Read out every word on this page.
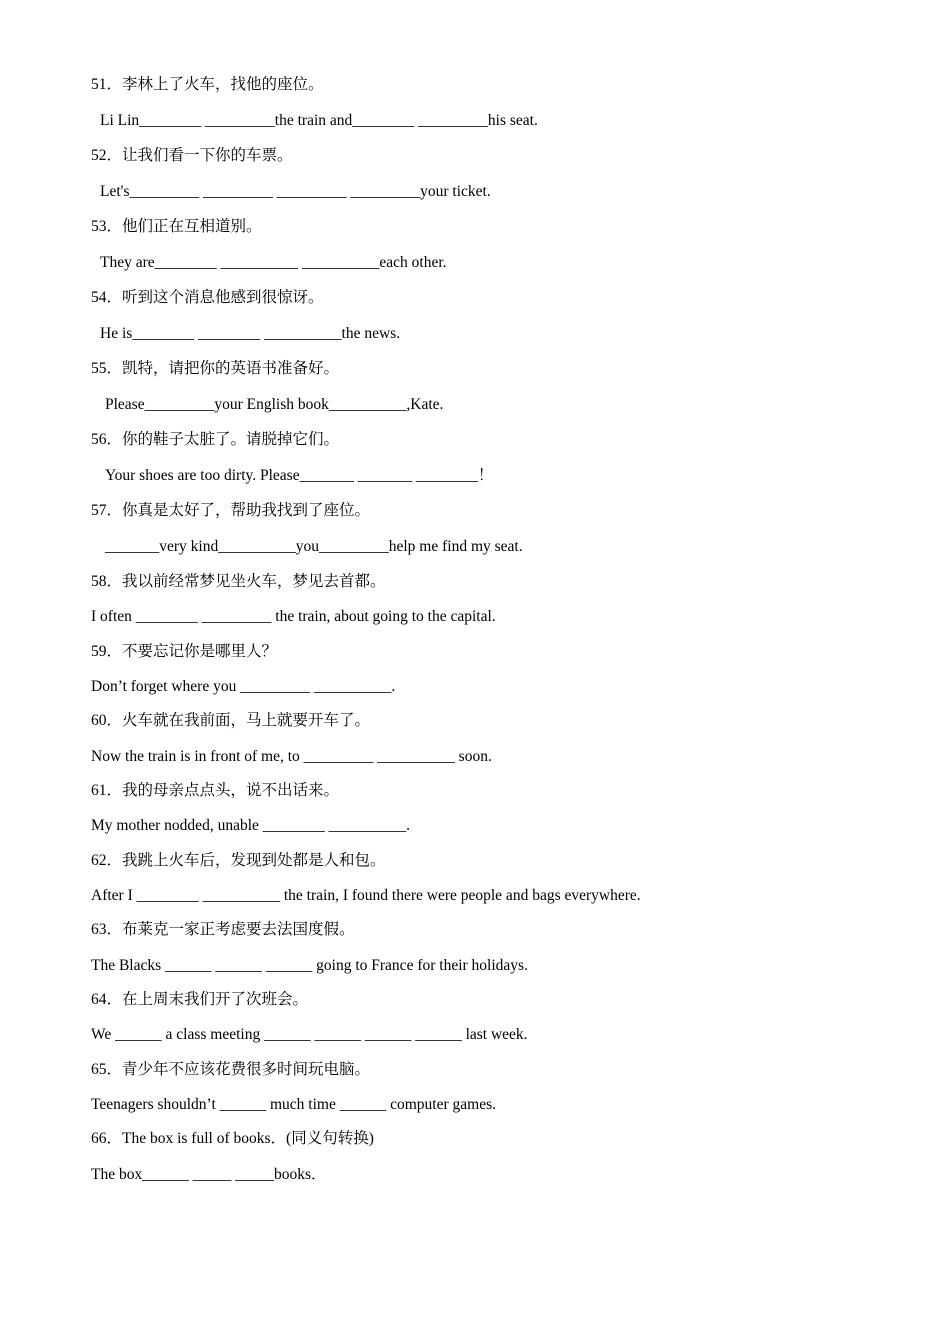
51．李林上了火车，找他的座位。
Li Lin________ _________the train and________ _________his seat.
52．让我们看一下你的车票。
Let's_________ _________ _________ _________your ticket.
53．他们正在互相道别。
They are________ __________ __________each other.
54．听到这个消息他感到很惊讶。
He is________ ________ __________the news.
55．凯特，请把你的英语书准备好。
Please_________your English book__________,Kate.
56．你的鞋子太脏了。请脱掉它们。
Your shoes are too dirty. Please_______ _______ ________！
57．你真是太好了，帮助我找到了座位。
_______very kind__________you_________help me find my seat.
58．我以前经常梦见坐火车，梦见去首都。
I often ________ _________ the train, about going to the capital.
59．不要忘记你是哪里人？
Don’t forget where you _________ __________.
60．火车就在我前面，马上就要开车了。
Now the train is in front of me, to _________ __________ soon.
61．我的母亲点点头，说不出话来。
My mother nodded, unable ________ __________.
62．我跳上火车后，发现到处都是人和包。
After I ________ __________ the train, I found there were people and bags everywhere.
63．布莱克一家正考虑要去法国度假。
The Blacks ______ ______ ______ going to France for their holidays.
64．在上周末我们开了次班会。
We ______ a class meeting ______ ______ ______ ______ last week.
65．青少年不应该花费很多时间玩电脑。
Teenagers shouldn’t ______ much time ______ computer games.
66．The box is full of books．(同义句转换)
The box______ _____ _____books．
